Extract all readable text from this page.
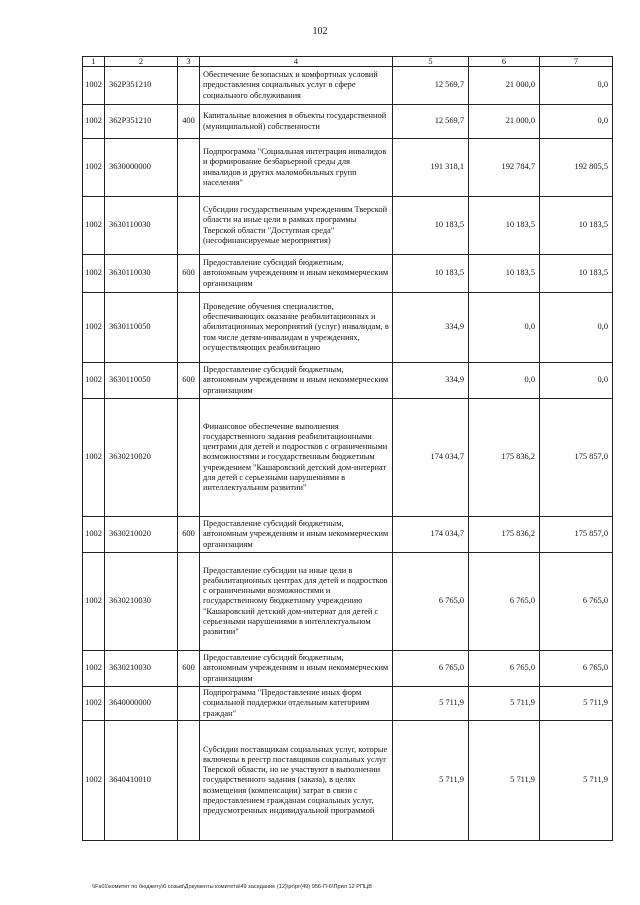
102
1	2	3	4	5	6	7
1002	362P351210		Обеспечение безопасных и комфортных условий предоставления социальных услуг в сфере социального обслуживания	12 569,7	21 000,0	0,0
1002	362P351210	400	Капитальные вложения в объекты государственной (муниципальной) собственности	12 569,7	21 000,0	0,0
1002	3630000000		Подпрограмма "Социальная интеграция инвалидов и формирование безбарьерной среды для инвалидов и других маломобильных групп населения"	191 318,1	192 784,7	192 805,5
1002	3630110030		Субсидии государственным учреждениям Тверской области на иные цели в рамках программы Тверской области "Доступная среда" (несофинансируемые мероприятия)	10 183,5	10 183,5	10 183,5
1002	3630110030	600	Предоставление субсидий бюджетным, автономным учреждениям и иным некоммерческим организациям	10 183,5	10 183,5	10 183,5
1002	3630110050		Проведение обучения специалистов, обеспечивающих оказание реабилитационных и абилитационных мероприятий (услуг) инвалидам, в том числе детям-инвалидам в учреждениях, осуществляющих реабилитацию	334,9	0,0	0,0
1002	3630110050	600	Предоставление субсидий бюджетным, автономным учреждениям и иным некоммерческим организациям	334,9	0,0	0,0
1002	3630210020		Финансовое обеспечение выполнения государственного задания реабилитационными центрами для детей и подростков с ограниченными возможностями и государственным бюджетным учреждением "Кашаровский детский дом-интернат для детей с серьезными нарушениями в интеллектуальном развитии"	174 034,7	175 836,2	175 857,0
1002	3630210020	600	Предоставление субсидий бюджетным, автономным учреждениям и иным некоммерческим организациям	174 034,7	175 836,2	175 857,0
1002	3630210030		Предоставление субсидии на иные цели в реабилитационных центрах для детей и подростков с ограниченными возможностями и государственному бюджетному учреждению "Кашаровский детский дом-интернат для детей с серьезными нарушениями в интеллектуальном развитии"	6 765,0	6 765,0	6 765,0
1002	3630210030	600	Предоставление субсидий бюджетным, автономным учреждениям и иным некоммерческим организациям	6 765,0	6 765,0	6 765,0
1002	3640000000		Подпрограмма "Предоставление иных форм социальной поддержки отдельным категориям граждан"	5 711,9	5 711,9	5 711,9
1002	3640410010		Субсидии поставщикам социальных услуг, которые включены в реестр поставщиков социальных услуг Тверской области, но не участвуют в выполнении государственного задания (заказа), в целях возмещения (компенсации) затрат в связи с предоставлением гражданам социальных услуг, предусмотренных индивидуальной программой	5 711,9	5 711,9	5 711,9
\\Fs01\комитет по бюджету\6 созыв\Документы комитета\49 заседание (12)\рг\рг(49) 956-П-6\Прил 12 РПЦВ
